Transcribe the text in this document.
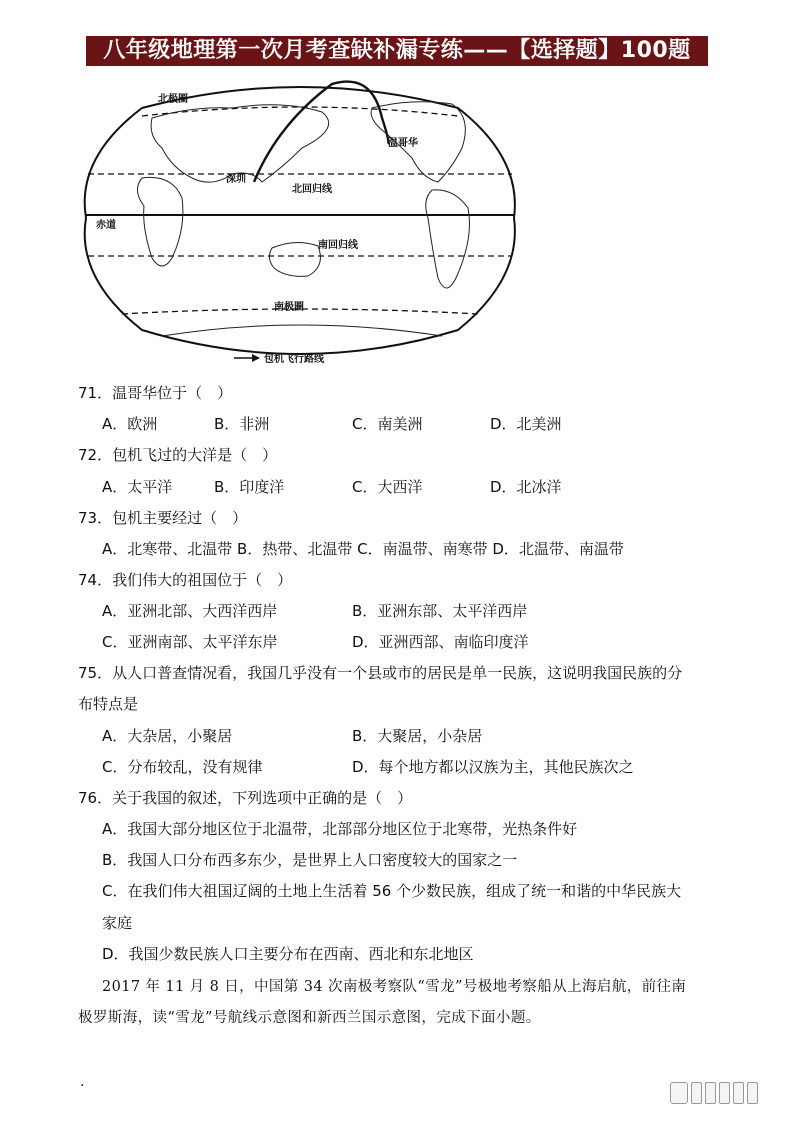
八年级地理第一次月考查缺补漏专练——【选择题】100题
北极圈
温哥华
深圳
北回归线
赤道
南回归线
南极圈
包机飞行路线
71．温哥华位于（　）
A．欧洲	B．非洲	C．南美洲	D．北美洲
72．包机飞过的大洋是（　）
A．太平洋	B．印度洋	C．大西洋	D．北冰洋
73．包机主要经过（　）
A．北寒带、北温带 B．热带、北温带 C．南温带、南寒带 D．北温带、南温带
74．我们伟大的祖国位于（　）
A．亚洲北部、大西洋西岸	B．亚洲东部、太平洋西岸
C．亚洲南部、太平洋东岸	D．亚洲西部、南临印度洋
75．从人口普查情况看，我国几乎没有一个县或市的居民是单一民族，这说明我国民族的分
布特点是
A．大杂居，小聚居	B．大聚居，小杂居
C．分布较乱，没有规律	D．每个地方都以汉族为主，其他民族次之
76．关于我国的叙述，下列选项中正确的是（　）
A．我国大部分地区位于北温带，北部部分地区位于北寒带，光热条件好
B．我国人口分布西多东少，是世界上人口密度较大的国家之一
C．在我们伟大祖国辽阔的土地上生活着 56 个少数民族，组成了统一和谐的中华民族大
家庭
D．我国少数民族人口主要分布在西南、西北和东北地区
2017 年 11 月 8 日，中国第 34 次南极考察队“雪龙”号极地考察船从上海启航，前往南
极罗斯海，读“雪龙”号航线示意图和新西兰国示意图，完成下面小题。
.
